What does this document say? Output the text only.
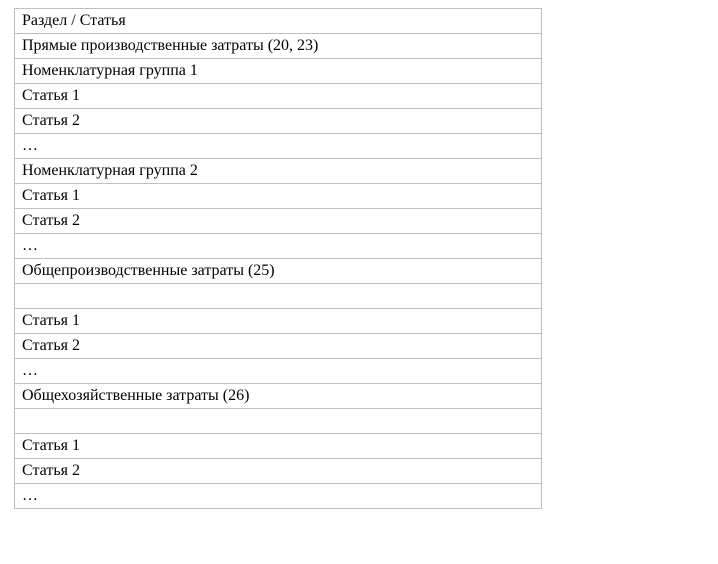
Раздел / Статья
Прямые производственные затраты (20, 23)
Номенклатурная группа 1
Статья 1
Статья 2
…
Номенклатурная группа 2
Статья 1
Статья 2
…
Общепроизводственные затраты (25)

Статья 1
Статья 2
…
Общехозяйственные затраты (26)

Статья 1
Статья 2
…
